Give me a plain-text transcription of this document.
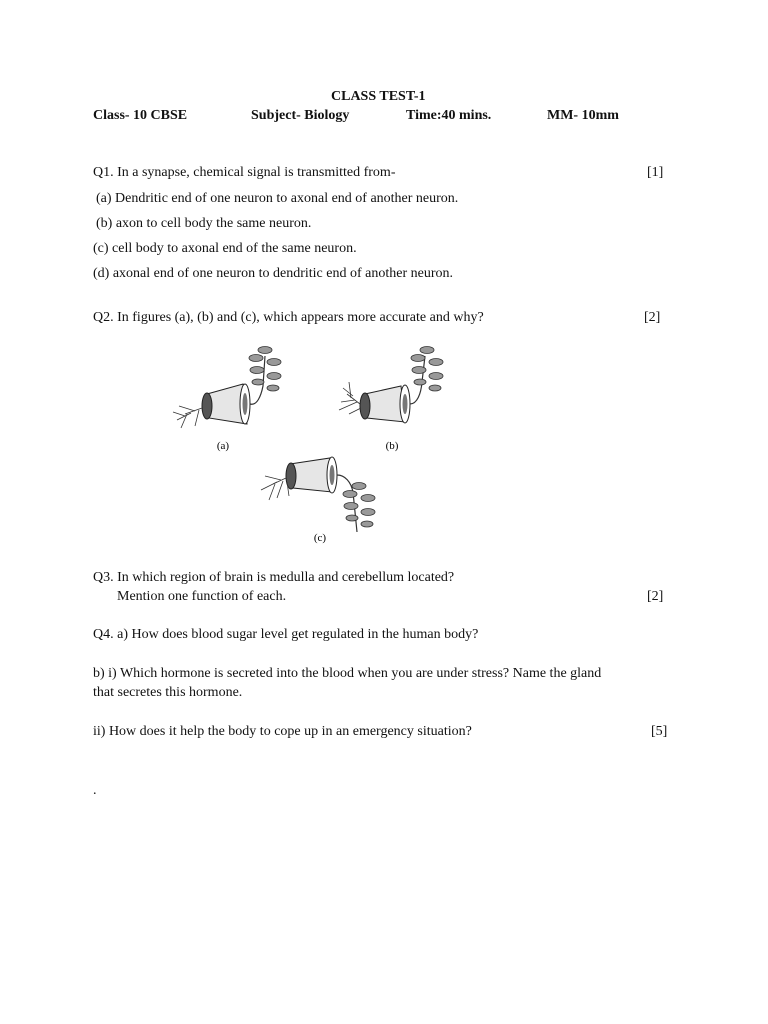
CLASS TEST-1
Class- 10 CBSE	Subject- Biology	Time:40 mins.	MM- 10mm
Q1. In a synapse, chemical signal is transmitted from-	[1]
(a) Dendritic end of one neuron to axonal end of another neuron.
(b) axon to cell body the same neuron.
(c) cell body to axonal end of the same neuron.
(d) axonal end of one neuron to dendritic end of another neuron.
Q2. In figures (a), (b) and (c), which appears more accurate and why?	[2]
(a)	(b)
(c)
Q3. In which region of brain is medulla and cerebellum located?
Mention one function of each.	[2]
Q4. a) How does blood sugar level get regulated in the human body?
b) i) Which hormone is secreted into the blood when you are under stress? Name the gland
that secretes this hormone.
ii) How does it help the body to cope up in an emergency situation?	[5]
.
